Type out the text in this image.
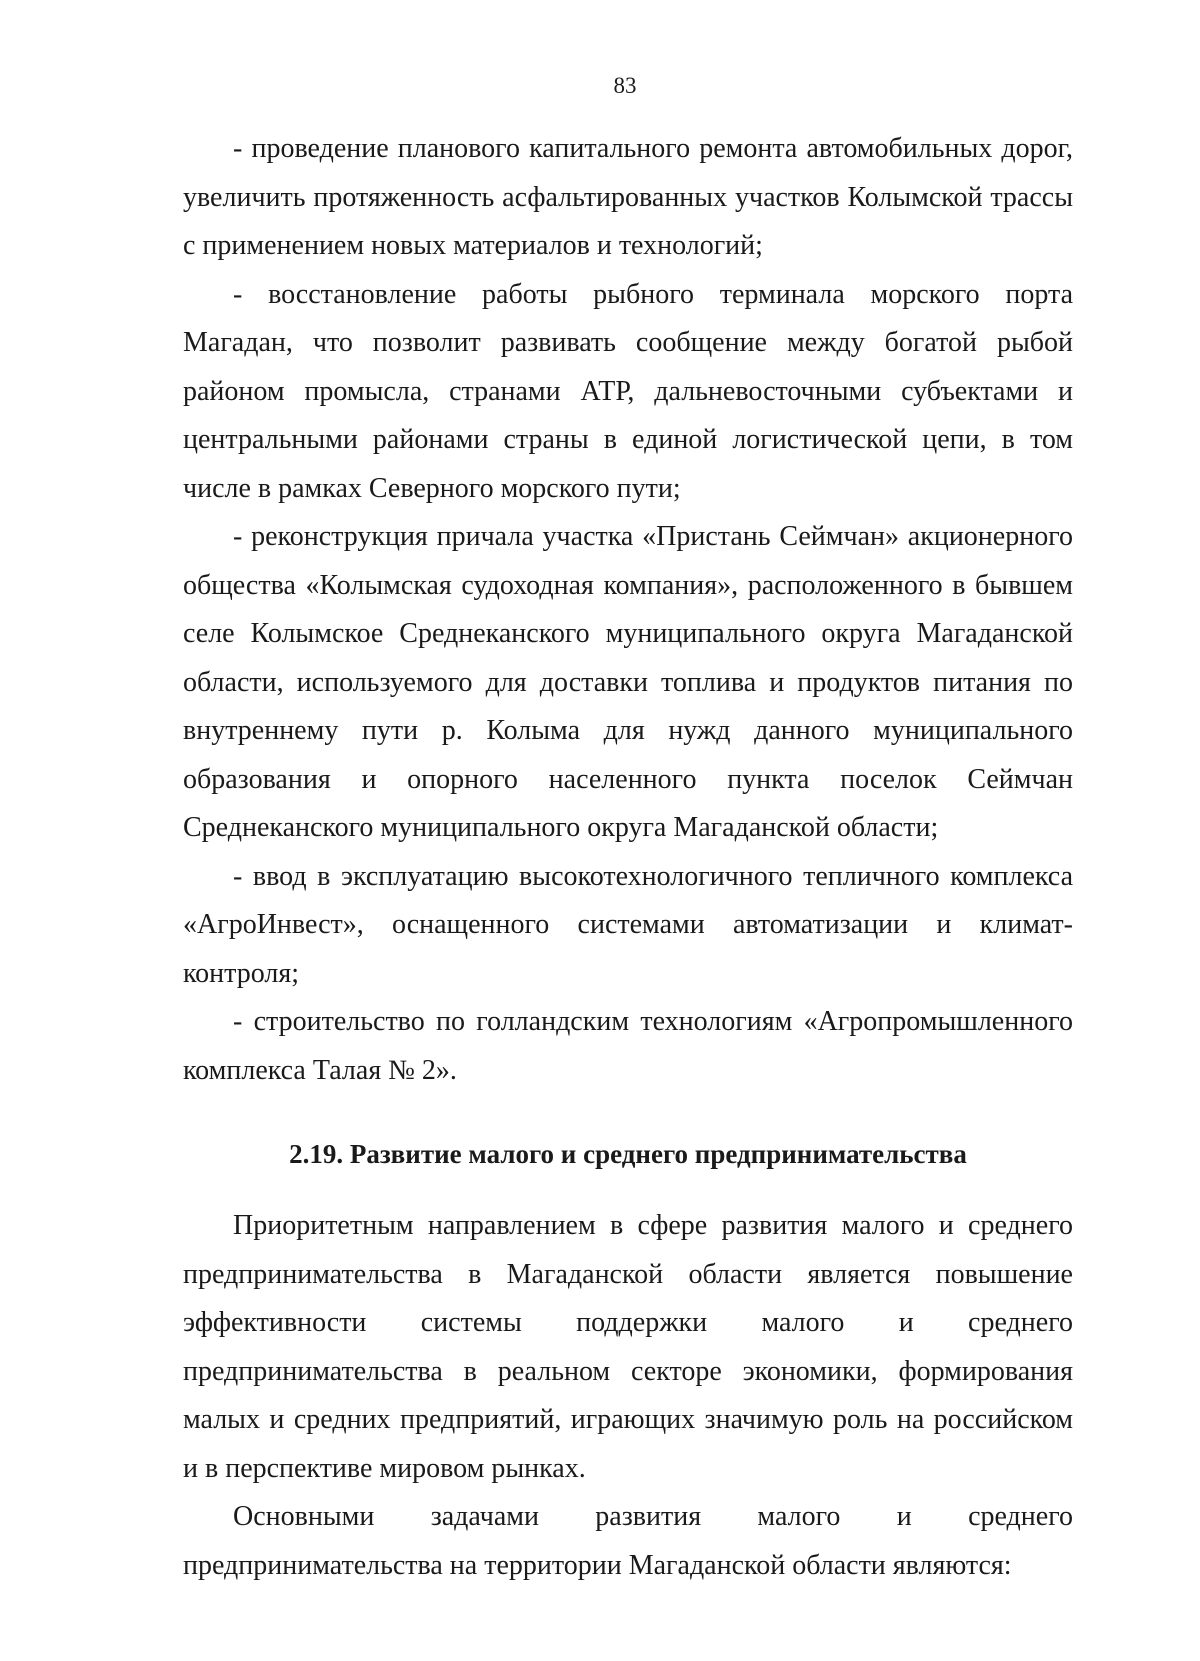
83

- проведение планового капитального ремонта автомобильных дорог, увеличить протяженность асфальтированных участков Колымской трассы с применением новых материалов и технологий;

- восстановление работы рыбного терминала морского порта Магадан, что позволит развивать сообщение между богатой рыбой районом промысла, странами АТР, дальневосточными субъектами и центральными районами страны в единой логистической цепи, в том числе в рамках Северного морского пути;

- реконструкция причала участка «Пристань Сеймчан» акционерного общества «Колымская судоходная компания», расположенного в бывшем селе Колымское Среднеканского муниципального округа Магаданской области, используемого для доставки топлива и продуктов питания по внутреннему пути р. Колыма для нужд данного муниципального образования и опорного населенного пункта поселок Сеймчан Среднеканского муниципального округа Магаданской области;

- ввод в эксплуатацию высокотехнологичного тепличного комплекса «АгроИнвест», оснащенного системами автоматизации и климат-контроля;

- строительство по голландским технологиям «Агропромышленного комплекса Талая № 2».

2.19. Развитие малого и среднего предпринимательства

Приоритетным направлением в сфере развития малого и среднего предпринимательства в Магаданской области является повышение эффективности системы поддержки малого и среднего предпринимательства в реальном секторе экономики, формирования малых и средних предприятий, играющих значимую роль на российском и в перспективе мировом рынках.

Основными задачами развития малого и среднего предпринимательства на территории Магаданской области являются:
